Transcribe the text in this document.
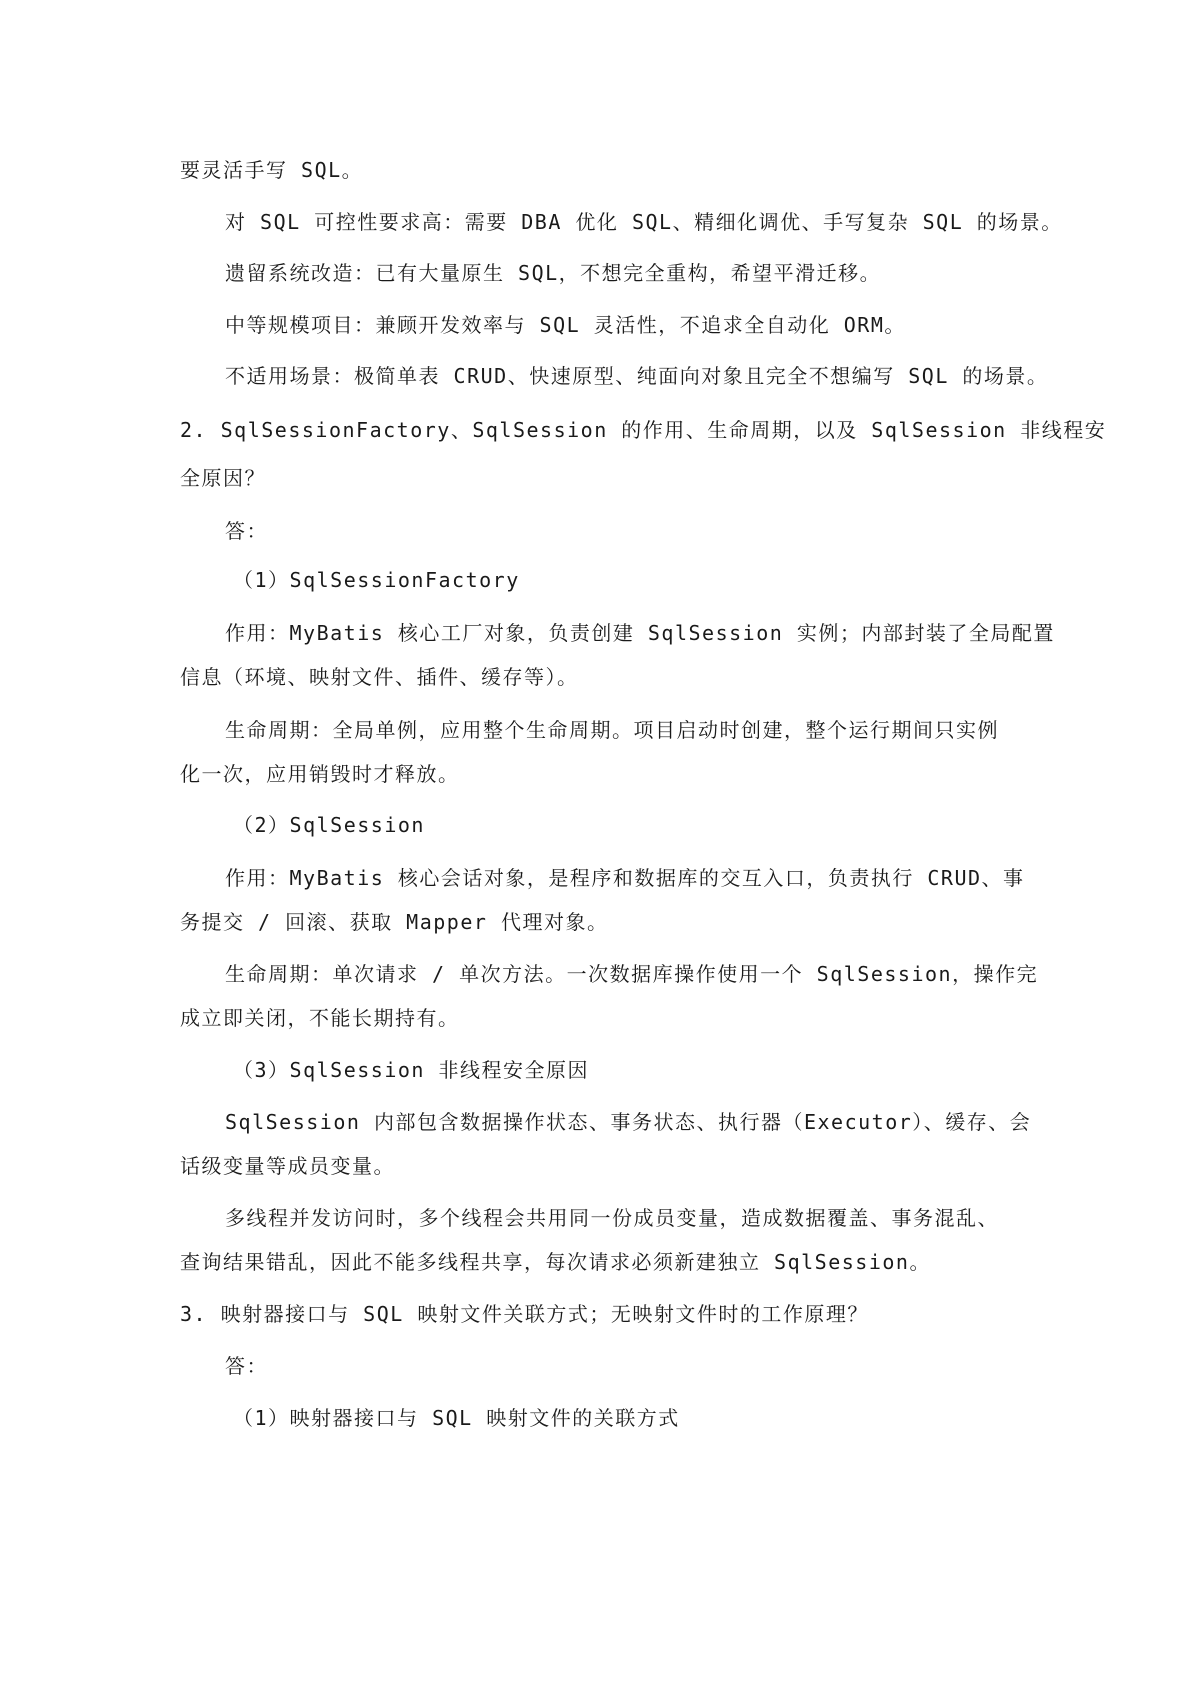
要灵活手写 SQL。
对 SQL 可控性要求高：需要 DBA 优化 SQL、精细化调优、手写复杂 SQL 的场景。
遗留系统改造：已有大量原生 SQL，不想完全重构，希望平滑迁移。
中等规模项目：兼顾开发效率与 SQL 灵活性，不追求全自动化 ORM。
不适用场景：极简单表 CRUD、快速原型、纯面向对象且完全不想编写 SQL 的场景。
2. SqlSessionFactory、SqlSession 的作用、生命周期，以及 SqlSession 非线程安
全原因？
答：
（1）SqlSessionFactory
作用：MyBatis 核心工厂对象，负责创建 SqlSession 实例；内部封装了全局配置
信息（环境、映射文件、插件、缓存等）。
生命周期：全局单例，应用整个生命周期。项目启动时创建，整个运行期间只实例
化一次，应用销毁时才释放。
（2）SqlSession
作用：MyBatis 核心会话对象，是程序和数据库的交互入口，负责执行 CRUD、事
务提交 / 回滚、获取 Mapper 代理对象。
生命周期：单次请求 / 单次方法。一次数据库操作使用一个 SqlSession，操作完
成立即关闭，不能长期持有。
（3）SqlSession 非线程安全原因
SqlSession 内部包含数据操作状态、事务状态、执行器（Executor）、缓存、会
话级变量等成员变量。
多线程并发访问时，多个线程会共用同一份成员变量，造成数据覆盖、事务混乱、
查询结果错乱，因此不能多线程共享，每次请求必须新建独立 SqlSession。
3. 映射器接口与 SQL 映射文件关联方式；无映射文件时的工作原理？
答：
（1）映射器接口与 SQL 映射文件的关联方式
